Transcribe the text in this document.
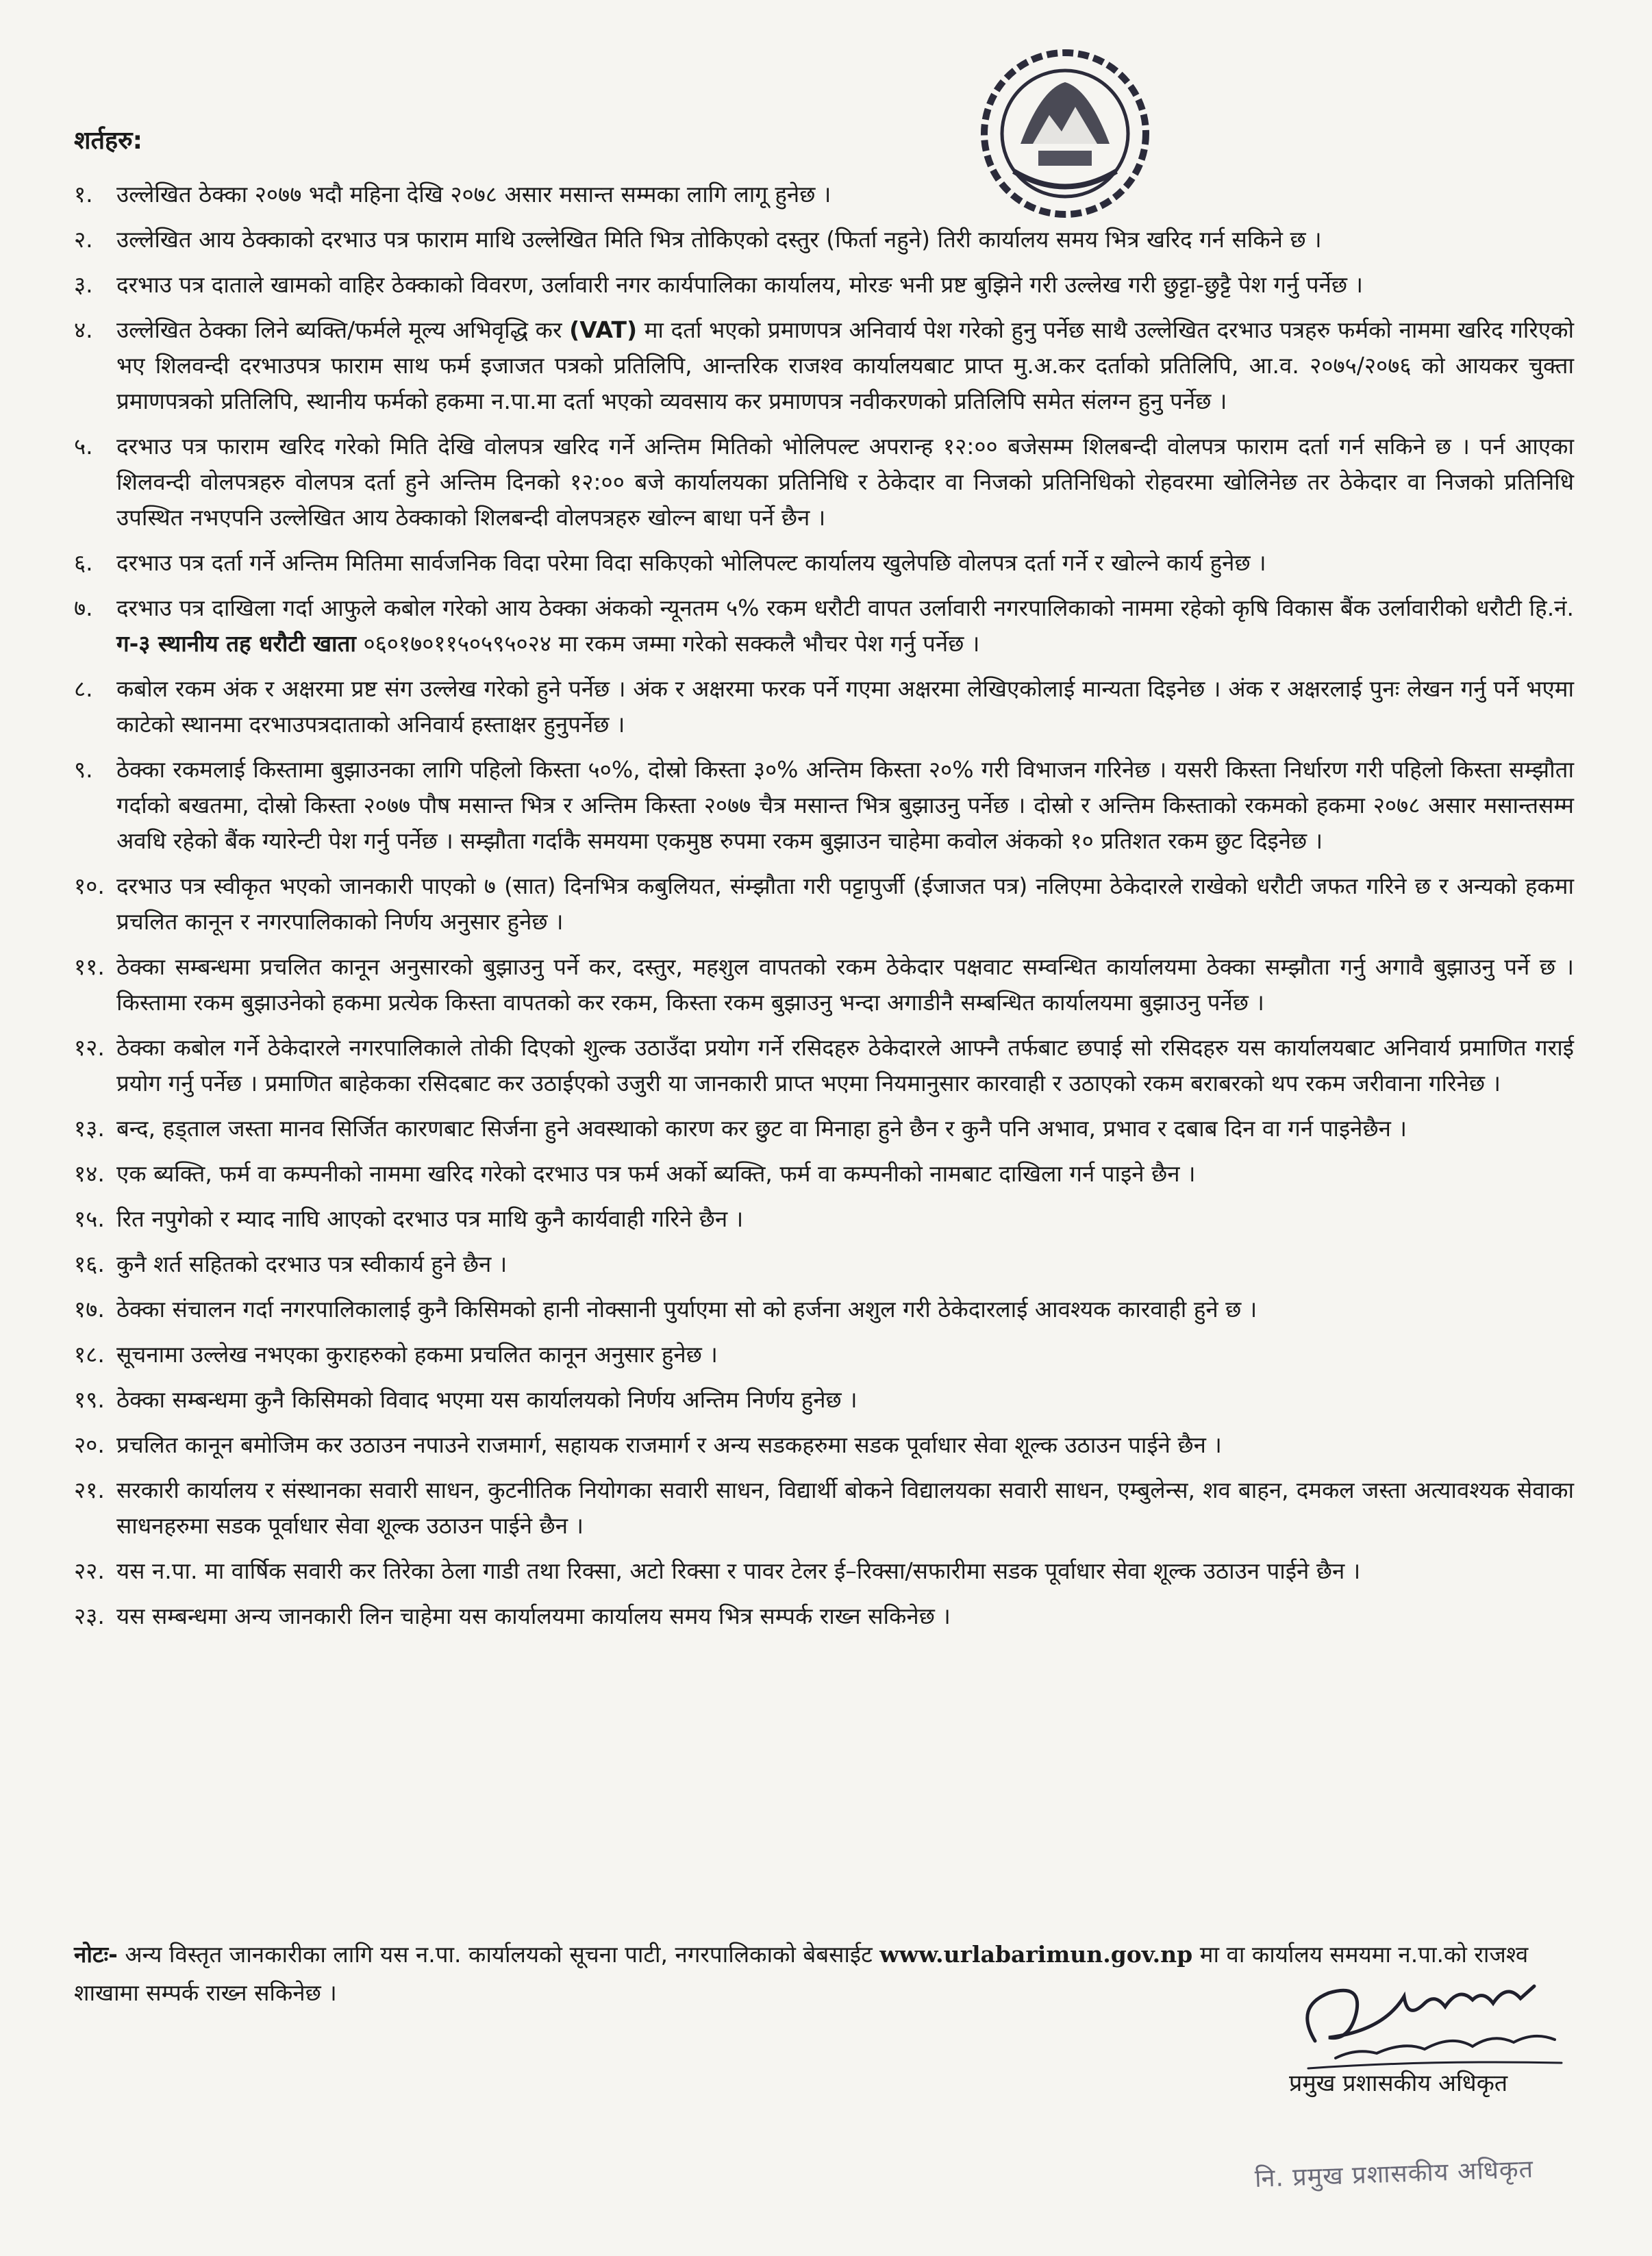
शर्तहरु:
१.	उल्लेखित ठेक्का २०७७ भदौ महिना देखि २०७८ असार मसान्त सम्मका लागि लागू हुनेछ ।
२.	उल्लेखित आय ठेक्काको दरभाउ पत्र फाराम माथि उल्लेखित मिति भित्र तोकिएको दस्तुर (फिर्ता नहुने) तिरी कार्यालय समय भित्र खरिद गर्न सकिने छ ।
३.	दरभाउ पत्र दाताले खामको वाहिर ठेक्काको विवरण, उर्लावारी नगर कार्यपालिका कार्यालय, मोरङ भनी प्रष्ट बुझिने गरी उल्लेख गरी छुट्टा-छुट्टै पेश गर्नु पर्नेछ ।
४.	उल्लेखित ठेक्का लिने ब्यक्ति/फर्मले मूल्य अभिवृद्धि कर (VAT) मा दर्ता भएको प्रमाणपत्र अनिवार्य पेश गरेको हुनु पर्नेछ साथै उल्लेखित दरभाउ पत्रहरु फर्मको नाममा खरिद गरिएको भए शिलवन्दी दरभाउपत्र फाराम साथ फर्म इजाजत पत्रको प्रतिलिपि, आन्तरिक राजश्व कार्यालयबाट प्राप्त मु.अ.कर दर्ताको प्रतिलिपि, आ.व. २०७५/२०७६ को आयकर चुक्ता प्रमाणपत्रको प्रतिलिपि, स्थानीय फर्मको हकमा न.पा.मा दर्ता भएको व्यवसाय कर प्रमाणपत्र नवीकरणको प्रतिलिपि समेत संलग्न हुनु पर्नेछ ।
५.	दरभाउ पत्र फाराम खरिद गरेको मिति देखि वोलपत्र खरिद गर्ने अन्तिम मितिको भोलिपल्ट अपरान्ह १२:०० बजेसम्म शिलबन्दी वोलपत्र फाराम दर्ता गर्न सकिने छ । पर्न आएका शिलवन्दी वोलपत्रहरु वोलपत्र दर्ता हुने अन्तिम दिनको १२:०० बजे कार्यालयका प्रतिनिधि र ठेकेदार वा निजको प्रतिनिधिको रोहवरमा खोलिनेछ तर ठेकेदार वा निजको प्रतिनिधि उपस्थित नभएपनि उल्लेखित आय ठेक्काको शिलबन्दी वोलपत्रहरु खोल्न बाधा पर्ने छैन ।
६.	दरभाउ पत्र दर्ता गर्ने अन्तिम मितिमा सार्वजनिक विदा परेमा विदा सकिएको भोलिपल्ट कार्यालय खुलेपछि वोलपत्र दर्ता गर्ने र खोल्ने कार्य हुनेछ ।
७.	दरभाउ पत्र दाखिला गर्दा आफुले कबोल गरेको आय ठेक्का अंकको न्यूनतम ५% रकम धरौटी वापत उर्लावारी नगरपालिकाको नाममा रहेको कृषि विकास बैंक उर्लावारीको धरौटी हि.नं. ग-३ स्थानीय तह धरौटी खाता ०६०१७०११५०५९५०२४ मा रकम जम्मा गरेको सक्कलै भौचर पेश गर्नु पर्नेछ ।
८.	कबोल रकम अंक र अक्षरमा प्रष्ट संग उल्लेख गरेको हुने पर्नेछ । अंक र अक्षरमा फरक पर्ने गएमा अक्षरमा लेखिएकोलाई मान्यता दिइनेछ । अंक र अक्षरलाई पुनः लेखन गर्नु पर्ने भएमा काटेको स्थानमा दरभाउपत्रदाताको अनिवार्य हस्ताक्षर हुनुपर्नेछ ।
९.	ठेक्का रकमलाई किस्तामा बुझाउनका लागि पहिलो किस्ता ५०%, दोस्रो किस्ता ३०% अन्तिम किस्ता २०% गरी विभाजन गरिनेछ । यसरी किस्ता निर्धारण गरी पहिलो किस्ता सम्झौता गर्दाको बखतमा, दोस्रो किस्ता २०७७ पौष मसान्त भित्र र अन्तिम किस्ता २०७७ चैत्र मसान्त भित्र बुझाउनु पर्नेछ । दोस्रो र अन्तिम किस्ताको रकमको हकमा २०७८ असार मसान्तसम्म अवधि रहेको बैंक ग्यारेन्टी पेश गर्नु पर्नेछ । सम्झौता गर्दाकै समयमा एकमुष्ठ रुपमा रकम बुझाउन चाहेमा कवोल अंकको १० प्रतिशत रकम छुट दिइनेछ ।
१०. दरभाउ पत्र स्वीकृत भएको जानकारी पाएको ७ (सात) दिनभित्र कबुलियत, संम्झौता गरी पट्टापुर्जी (ईजाजत पत्र) नलिएमा ठेकेदारले राखेको धरौटी जफत गरिने छ र अन्यको हकमा प्रचलित कानून र नगरपालिकाको निर्णय अनुसार हुनेछ ।
११. ठेक्का सम्बन्धमा प्रचलित कानून अनुसारको बुझाउनु पर्ने कर, दस्तुर, महशुल वापतको रकम ठेकेदार पक्षवाट सम्वन्धित कार्यालयमा ठेक्का सम्झौता गर्नु अगावै बुझाउनु पर्ने छ । किस्तामा रकम बुझाउनेको हकमा प्रत्येक किस्ता वापतको कर रकम, किस्ता रकम बुझाउनु भन्दा अगाडीनै सम्बन्धित कार्यालयमा बुझाउनु पर्नेछ ।
१२. ठेक्का कबोल गर्ने ठेकेदारले नगरपालिकाले तोकी दिएको शुल्क उठाउँदा प्रयोग गर्ने रसिदहरु ठेकेदारले आफ्नै तर्फबाट छपाई सो रसिदहरु यस कार्यालयबाट अनिवार्य प्रमाणित गराई प्रयोग गर्नु पर्नेछ । प्रमाणित बाहेकका रसिदबाट कर उठाईएको उजुरी या जानकारी प्राप्त भएमा नियमानुसार कारवाही र उठाएको रकम बराबरको थप रकम जरीवाना गरिनेछ ।
१३. बन्द, हड्ताल जस्ता मानव सिर्जित कारणबाट सिर्जना हुने अवस्थाको कारण कर छुट वा मिनाहा हुने छैन र कुनै पनि अभाव, प्रभाव र दबाब दिन वा गर्न पाइनेछैन ।
१४. एक ब्यक्ति, फर्म वा कम्पनीको नाममा खरिद गरेको दरभाउ पत्र फर्म अर्को ब्यक्ति, फर्म वा कम्पनीको नामबाट दाखिला गर्न पाइने छैन ।
१५. रित नपुगेको र म्याद नाघि आएको दरभाउ पत्र माथि कुनै कार्यवाही गरिने छैन ।
१६. कुनै शर्त सहितको दरभाउ पत्र स्वीकार्य हुने छैन ।
१७. ठेक्का संचालन गर्दा नगरपालिकालाई कुनै किसिमको हानी नोक्सानी पुर्याएमा सो को हर्जना अशुल गरी ठेकेदारलाई आवश्यक कारवाही हुने छ ।
१८. सूचनामा उल्लेख नभएका कुराहरुको हकमा प्रचलित कानून अनुसार हुनेछ ।
१९. ठेक्का सम्बन्धमा कुनै किसिमको विवाद भएमा यस कार्यालयको निर्णय अन्तिम निर्णय हुनेछ ।
२०. प्रचलित कानून बमोजिम कर उठाउन नपाउने राजमार्ग, सहायक राजमार्ग र अन्य सडकहरुमा सडक पूर्वाधार सेवा शूल्क उठाउन पाईने छैन ।
२१. सरकारी कार्यालय र संस्थानका सवारी साधन, कुटनीतिक नियोगका सवारी साधन, विद्यार्थी बोकने विद्यालयका सवारी साधन, एम्बुलेन्स, शव बाहन, दमकल जस्ता अत्यावश्यक सेवाका साधनहरुमा सडक पूर्वाधार सेवा शूल्क उठाउन पाईने छैन ।
२२. यस न.पा. मा वार्षिक सवारी कर तिरेका ठेला गाडी तथा रिक्सा, अटो रिक्सा र पावर टेलर ई–रिक्सा/सफारीमा सडक पूर्वाधार सेवा शूल्क उठाउन पाईने छैन ।
२३. यस सम्बन्धमा अन्य जानकारी लिन चाहेमा यस कार्यालयमा कार्यालय समय भित्र सम्पर्क राख्न सकिनेछ ।
नोटः- अन्य विस्तृत जानकारीका लागि यस न.पा. कार्यालयको सूचना पाटी, नगरपालिकाको बेबसाईट www.urlabarimun.gov.np मा वा कार्यालय समयमा न.पा.को राजश्व शाखामा सम्पर्क राख्न सकिनेछ ।
प्रमुख प्रशासकीय अधिकृत
नि. प्रमुख प्रशासकीय अधिकृत
